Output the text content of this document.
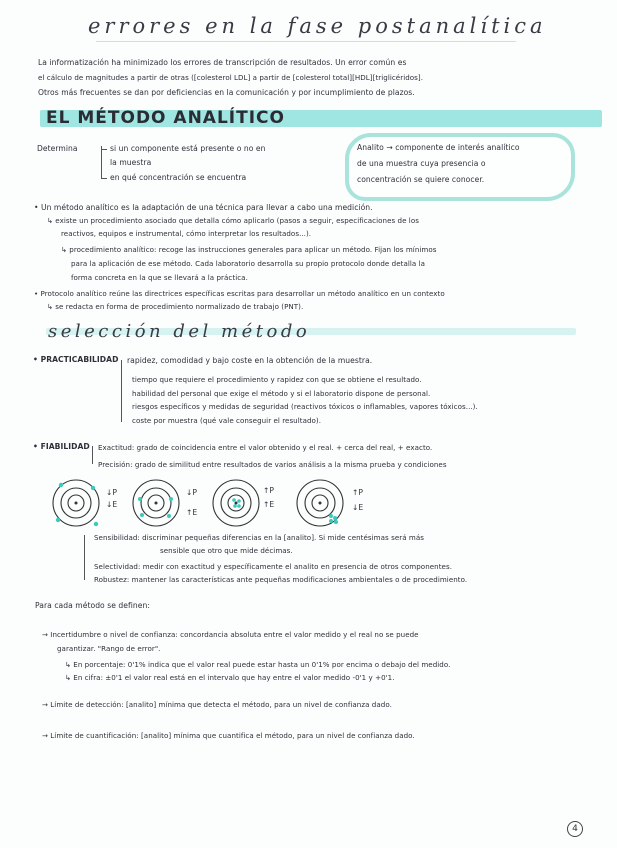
errores en la fase postanalítica
La informatización ha minimizado los errores de transcripción de resultados. Un error común es
el cálculo de magnitudes a partir de otras ([colesterol LDL] a partir de [colesterol total][HDL][triglicéridos].
Otros más frecuentes se dan por deficiencias en la comunicación y por incumplimiento de plazos.
EL MÉTODO ANALÍTICO
Determina	si un componente está presente o no en
la muestra
en qué concentración se encuentra
Analito → componente de interés analítico
de una muestra cuya presencia o
concentración se quiere conocer.
• Un método analítico es la adaptación de una técnica para llevar a cabo una medición.
↳ existe un procedimiento asociado que detalla cómo aplicarlo (pasos a seguir, especificaciones de los
reactivos, equipos e instrumental, cómo interpretar los resultados...).
↳ procedimiento analítico: recoge las instrucciones generales para aplicar un método. Fijan los mínimos
para la aplicación de ese método. Cada laboratorio desarrolla su propio protocolo donde detalla la
forma concreta en la que se llevará a la práctica.
• Protocolo analítico reúne las directrices específicas escritas para desarrollar un método analítico en un contexto
↳ se redacta en forma de procedimiento normalizado de trabajo (PNT).
selección del método
• PRACTICABILIDAD rapidez, comodidad y bajo coste en la obtención de la muestra.
tiempo que requiere el procedimiento y rapidez con que se obtiene el resultado.
habilidad del personal que exige el método y si el laboratorio dispone de personal.
riesgos específicos y medidas de seguridad (reactivos tóxicos o inflamables, vapores tóxicos...).
coste por muestra (qué vale conseguir el resultado).
• FIABILIDAD Exactitud: grado de coincidencia entre el valor obtenido y el real. + cerca del real, + exacto.
Precisión: grado de similitud entre resultados de varios análisis a la misma prueba y condiciones
↓P
↓E
↓P
↑E
↑P
↑E
↑P
↓E
Sensibilidad: discriminar pequeñas diferencias en la [analito]. Si mide centésimas será más
sensible que otro que mide décimas.
Selectividad: medir con exactitud y específicamente el analito en presencia de otros componentes.
Robustez: mantener las características ante pequeñas modificaciones ambientales o de procedimiento.
Para cada método se definen:
→ Incertidumbre o nivel de confianza: concordancia absoluta entre el valor medido y el real no se puede
garantizar. "Rango de error".
↳ En porcentaje: 0'1% indica que el valor real puede estar hasta un 0'1% por encima o debajo del medido.
↳ En cifra: ±0'1 el valor real está en el intervalo que hay entre el valor medido -0'1 y +0'1.
→ Límite de detección: [analito] mínima que detecta el método, para un nivel de confianza dado.
→ Límite de cuantificación: [analito] mínima que cuantifica el método, para un nivel de confianza dado.
4
